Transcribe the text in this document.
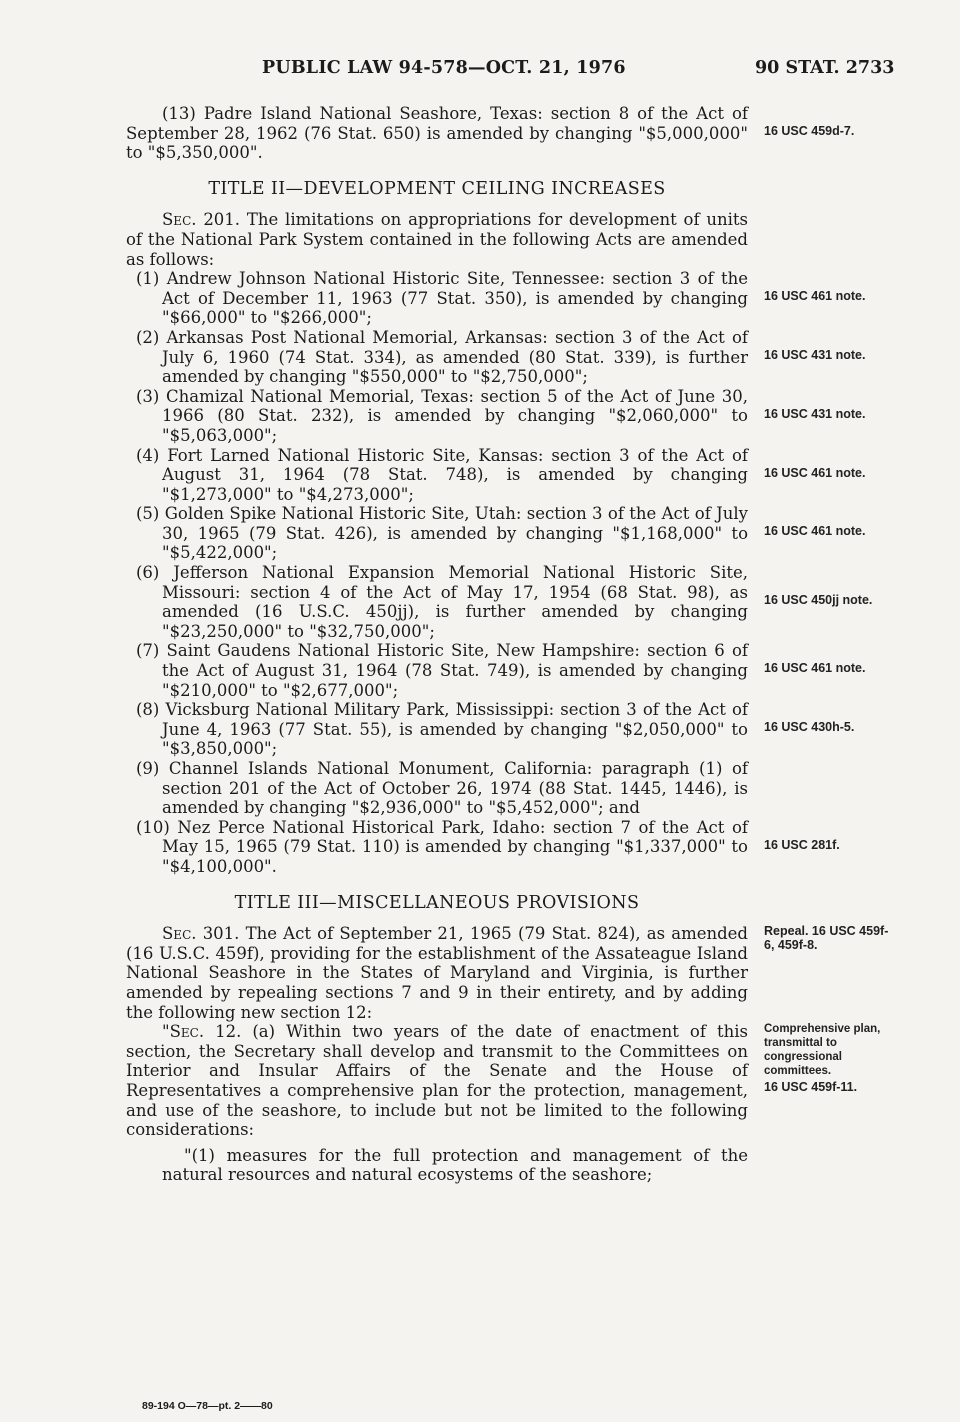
PUBLIC LAW 94-578—OCT. 21, 1976	90 STAT. 2733

(13) Padre Island National Seashore, Texas: section 8 of the Act of September 28, 1962 (76 Stat. 650) is amended by changing "$5,000,000" to "$5,350,000".
16 USC 459d-7.

TITLE II—DEVELOPMENT CEILING INCREASES

Sec. 201. The limitations on appropriations for development of units of the National Park System contained in the following Acts are amended as follows:

(1) Andrew Johnson National Historic Site, Tennessee: section 3 of the Act of December 11, 1963 (77 Stat. 350), is amended by changing "$66,000" to "$266,000";
16 USC 461 note.

(2) Arkansas Post National Memorial, Arkansas: section 3 of the Act of July 6, 1960 (74 Stat. 334), as amended (80 Stat. 339), is further amended by changing "$550,000" to "$2,750,000";
16 USC 431 note.

(3) Chamizal National Memorial, Texas: section 5 of the Act of June 30, 1966 (80 Stat. 232), is amended by changing "$2,060,000" to "$5,063,000";
16 USC 431 note.

(4) Fort Larned National Historic Site, Kansas: section 3 of the Act of August 31, 1964 (78 Stat. 748), is amended by changing "$1,273,000" to "$4,273,000";
16 USC 461 note.

(5) Golden Spike National Historic Site, Utah: section 3 of the Act of July 30, 1965 (79 Stat. 426), is amended by changing "$1,168,000" to "$5,422,000";
16 USC 461 note.

(6) Jefferson National Expansion Memorial National Historic Site, Missouri: section 4 of the Act of May 17, 1954 (68 Stat. 98), as amended (16 U.S.C. 450jj), is further amended by changing "$23,250,000" to "$32,750,000";
16 USC 450jj note.

(7) Saint Gaudens National Historic Site, New Hampshire: section 6 of the Act of August 31, 1964 (78 Stat. 749), is amended by changing "$210,000" to "$2,677,000";
16 USC 461 note.

(8) Vicksburg National Military Park, Mississippi: section 3 of the Act of June 4, 1963 (77 Stat. 55), is amended by changing "$2,050,000" to "$3,850,000";
16 USC 430h-5.

(9) Channel Islands National Monument, California: paragraph (1) of section 201 of the Act of October 26, 1974 (88 Stat. 1445, 1446), is amended by changing "$2,936,000" to "$5,452,000"; and

(10) Nez Perce National Historical Park, Idaho: section 7 of the Act of May 15, 1965 (79 Stat. 110) is amended by changing "$1,337,000" to "$4,100,000".
16 USC 281f.

TITLE III—MISCELLANEOUS PROVISIONS

Sec. 301. The Act of September 21, 1965 (79 Stat. 824), as amended (16 U.S.C. 459f), providing for the establishment of the Assateague Island National Seashore in the States of Maryland and Virginia, is further amended by repealing sections 7 and 9 in their entirety, and by adding the following new section 12:
Repeal. 16 USC 459f-6, 459f-8.

"Sec. 12. (a) Within two years of the date of enactment of this section, the Secretary shall develop and transmit to the Committees on Interior and Insular Affairs of the Senate and the House of Representatives a comprehensive plan for the protection, management, and use of the seashore, to include but not be limited to the following considerations:
Comprehensive plan, transmittal to congressional committees.
16 USC 459f-11.

"(1) measures for the full protection and management of the natural resources and natural ecosystems of the seashore;

89-194 O—78—pt. 2——80
